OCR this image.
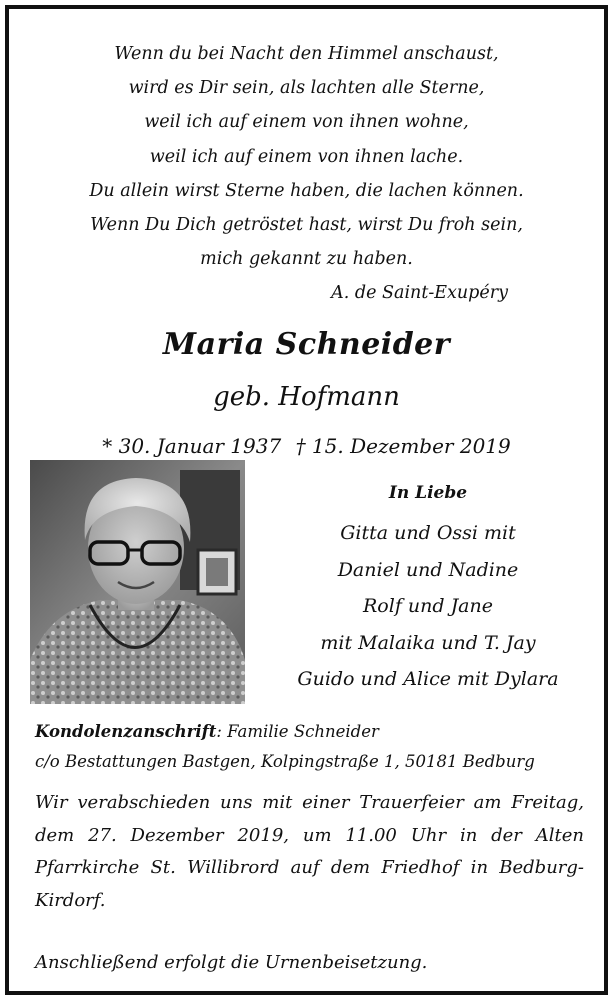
Wenn du bei Nacht den Himmel anschaust,
wird es Dir sein, als lachten alle Sterne,
weil ich auf einem von ihnen wohne,
weil ich auf einem von ihnen lache.
Du allein wirst Sterne haben, die lachen können.
Wenn Du Dich getröstet hast, wirst Du froh sein,
mich gekannt zu haben.
A. de Saint-Exupéry
Maria Schneider
geb. Hofmann
* 30. Januar 1937 † 15. Dezember 2019
In Liebe
Gitta und Ossi mit
Daniel und Nadine
Rolf und Jane
mit Malaika und T. Jay
Guido und Alice mit Dylara
Kondolenzanschrift: Familie Schneider
c/o Bestattungen Bastgen, Kolpingstraße 1, 50181 Bedburg
Wir verabschieden uns mit einer Trauerfeier am Freitag, dem 27. Dezember 2019, um 11.00 Uhr in der Alten Pfarrkirche St. Willibrord auf dem Friedhof in Bedburg-Kirdorf.
Anschließend erfolgt die Urnenbeisetzung.
